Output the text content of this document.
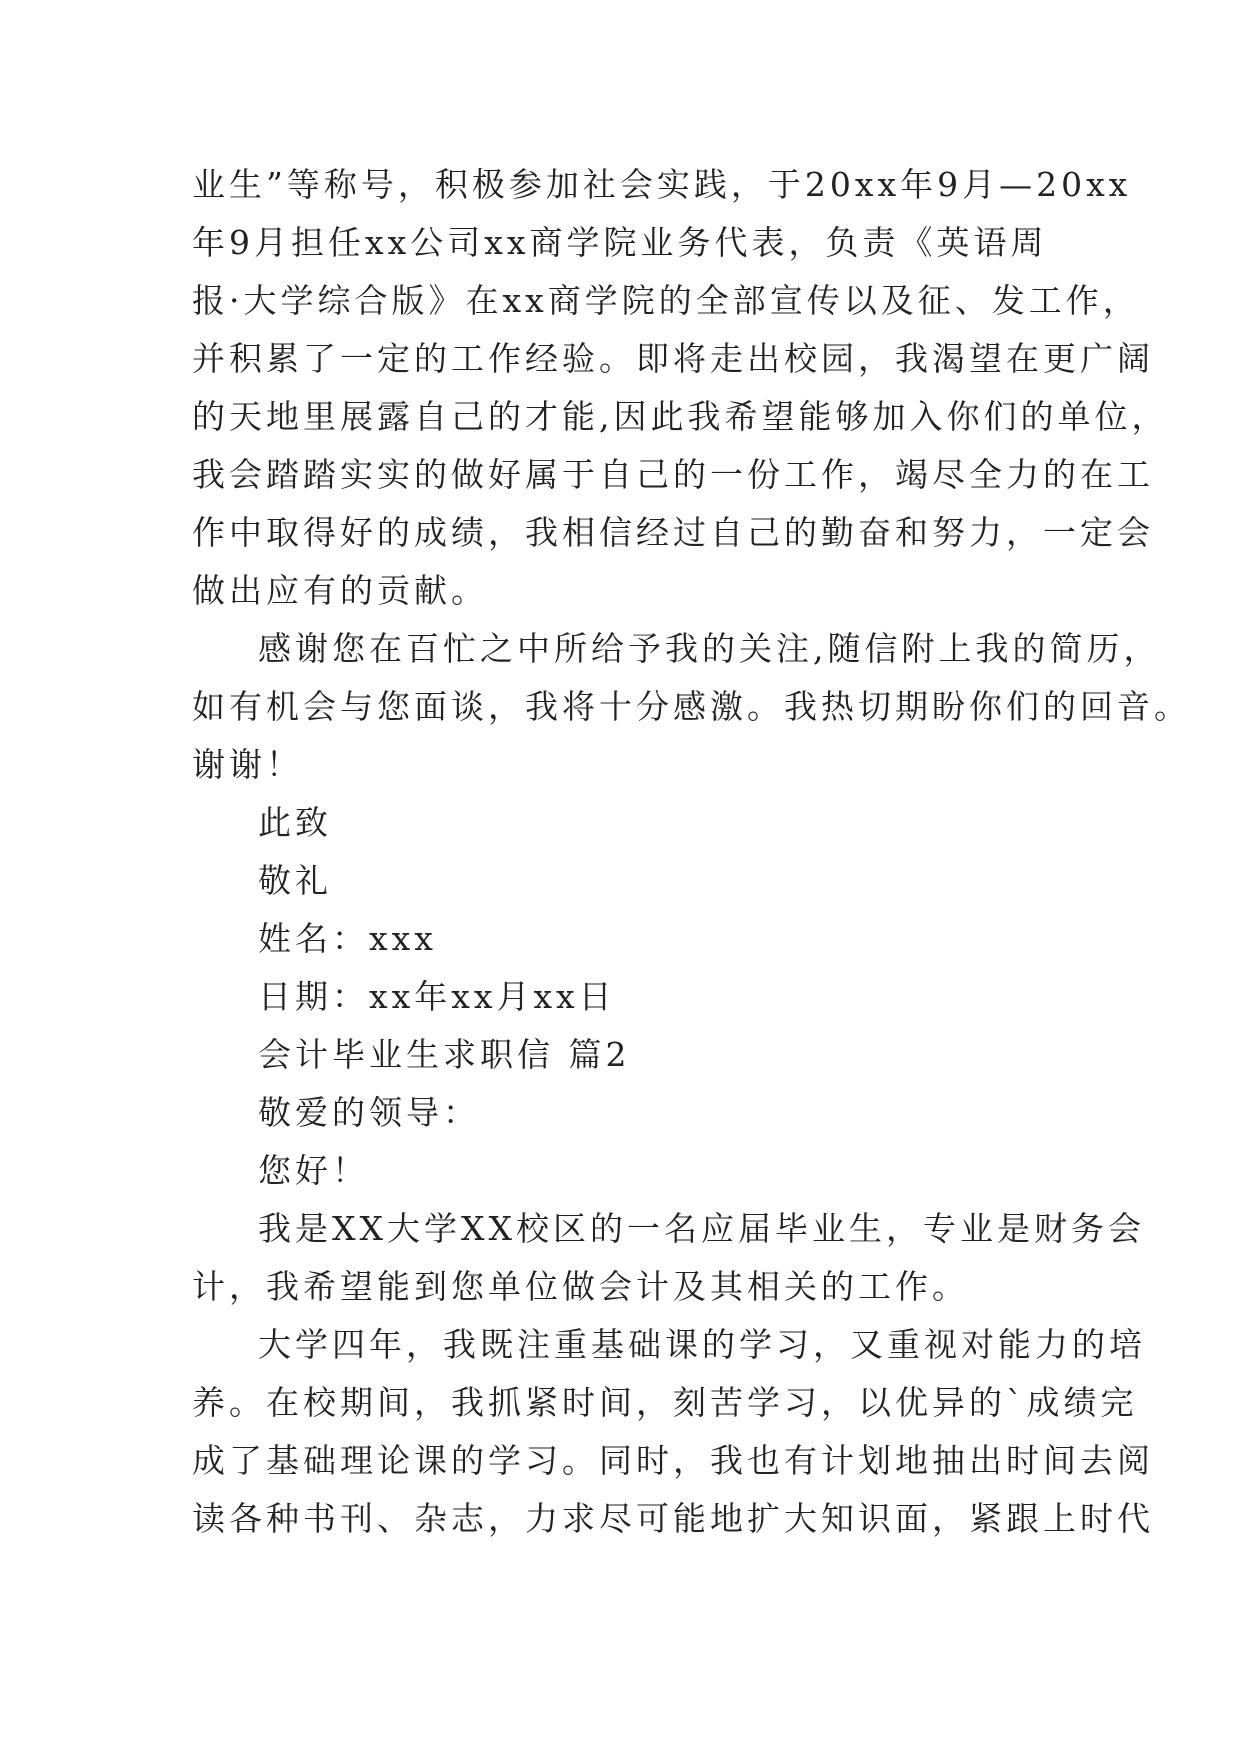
业生”等称号，积极参加社会实践，于20xx年9月—20xx
年9月担任xx公司xx商学院业务代表，负责《英语周
报·大学综合版》在xx商学院的全部宣传以及征、发工作，
并积累了一定的工作经验。即将走出校园，我渴望在更广阔
的天地里展露自己的才能,因此我希望能够加入你们的单位，
我会踏踏实实的做好属于自己的一份工作，竭尽全力的在工
作中取得好的成绩，我相信经过自己的勤奋和努力，一定会
做出应有的贡献。
感谢您在百忙之中所给予我的关注,随信附上我的简历，
如有机会与您面谈，我将十分感激。我热切期盼你们的回音。
谢谢！
此致
敬礼
姓名：xxx
日期：xx年xx月xx日
会计毕业生求职信 篇2
敬爱的领导：
您好！
我是XX大学XX校区的一名应届毕业生，专业是财务会
计，我希望能到您单位做会计及其相关的工作。
大学四年，我既注重基础课的学习，又重视对能力的培
养。在校期间，我抓紧时间，刻苦学习，以优异的`成绩完
成了基础理论课的学习。同时，我也有计划地抽出时间去阅
读各种书刊、杂志，力求尽可能地扩大知识面，紧跟上时代
